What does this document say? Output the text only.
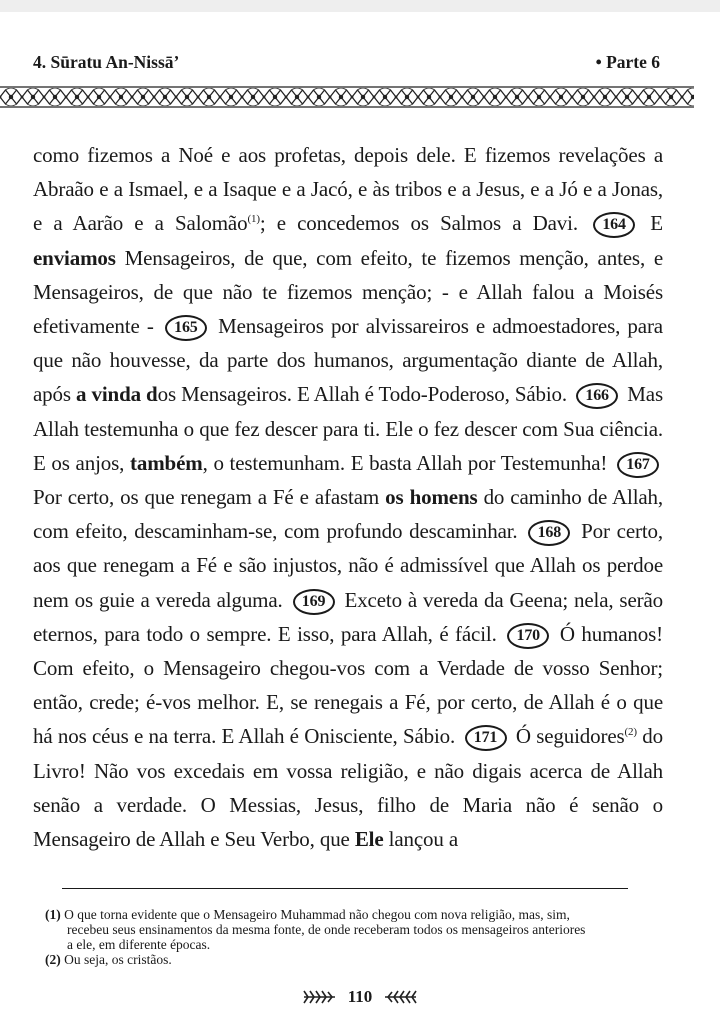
4. Sūratu An-Nissā’	• Parte 6

como fizemos a Noé e aos profetas, depois dele. E fizemos revelações a Abraão e a Ismael, e a Isaque e a Jacó, e às tribos e a Jesus, e a Jó e a Jonas, e a Aarão e a Salomão$^{(1)}$; e concedemos os Salmos a Davi. 164 E enviamos Mensageiros, de que, com efeito, te fizemos menção, antes, e Mensageiros, de que não te fizemos menção; - e Allah falou a Moisés efetivamente - 165 Mensageiros por alvissareiros e admoestadores, para que não houvesse, da parte dos humanos, argumentação diante de Allah, após a vinda dos Mensageiros. E Allah é Todo-Poderoso, Sábio. 166 Mas Allah testemunha o que fez descer para ti. Ele o fez descer com Sua ciência. E os anjos, também, o testemunham. E basta Allah por Testemunha! 167 Por certo, os que renegam a Fé e afastam os homens do caminho de Allah, com efeito, descaminham-se, com profundo descaminhar. 168 Por certo, aos que renegam a Fé e são injustos, não é admissível que Allah os perdoe nem os guie a vereda alguma. 169 Exceto à vereda da Geena; nela, serão eternos, para todo o sempre. E isso, para Allah, é fácil. 170 Ó humanos! Com efeito, o Mensageiro chegou-vos com a Verdade de vosso Senhor; então, crede; é-vos melhor. E, se renegais a Fé, por certo, de Allah é o que há nos céus e na terra. E Allah é Onisciente, Sábio. 171 Ó seguidores$^{(2)}$ do Livro! Não vos excedais em vossa religião, e não digais acerca de Allah senão a verdade. O Messias, Jesus, filho de Maria não é senão o Mensageiro de Allah e Seu Verbo, que Ele lançou a

(1) O que torna evidente que o Mensageiro Muhammad não chegou com nova religião, mas, sim,

recebeu seus ensinamentos da mesma fonte, de onde receberam todos os mensageiros anteriores

a ele, em diferente épocas.

(2) Ou seja, os cristãos.

110
